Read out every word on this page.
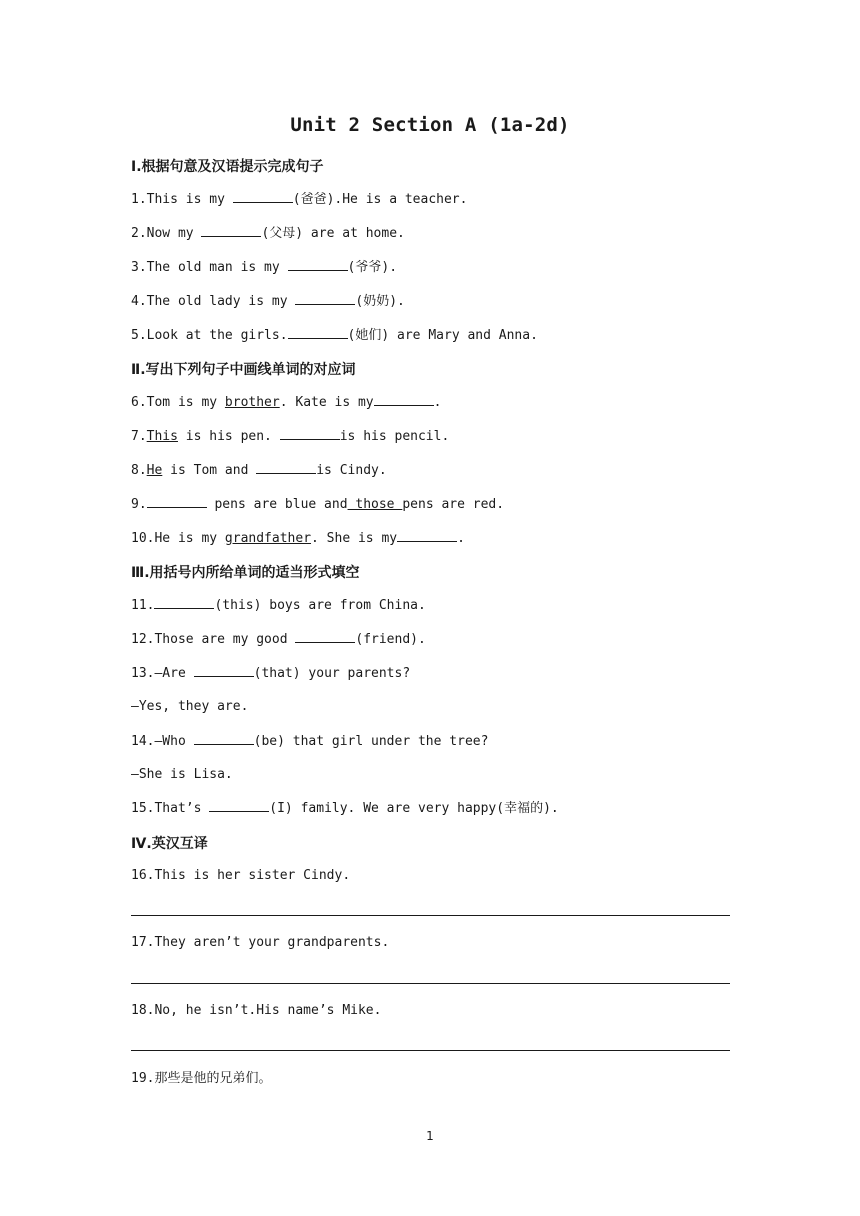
Unit 2 Section A (1a-2d)
Ⅰ.根据句意及汉语提示完成句子
1.This is my	(爸爸).He is a teacher.
2.Now my	(父母) are at home.
3.The old man is my	(爷爷).
4.The old lady is my	(奶奶).
5.Look at the girls.	(她们) are Mary and Anna.
Ⅱ.写出下列句子中画线单词的对应词
6.Tom is my brother. Kate is my	.
7.This is his pen.	is his pencil.
8.He is Tom and	is Cindy.
9.	pens are blue and those pens are red.
10.He is my grandfather. She is my	.
Ⅲ.用括号内所给单词的适当形式填空
11.	(this) boys are from China.
12.Those are my good	(friend).
13.—Are	(that) your parents?
—Yes, they are.
14.—Who	(be) that girl under the tree?
—She is Lisa.
15.That’s	(I) family. We are very happy(幸福的).
Ⅳ.英汉互译
16.This is her sister Cindy.
17.They aren’t your grandparents.
18.No, he isn’t.His name’s Mike.
19.那些是他的兄弟们。
1
